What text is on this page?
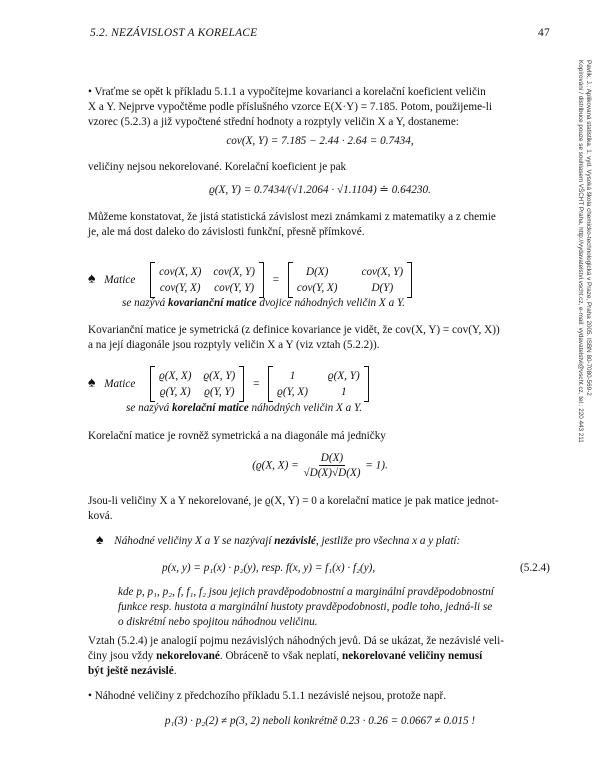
5.2. NEZÁVISLOST A KORELACE	47
Pavlík, J.: Aplikovaná statistika. 1. vyd. Vysoká škola chemicko-technologická v Praze, Praha 2005. ISBN 80-7080-569-2
Kopírování / distribuce pouze se souhlasem VŠCHT Praha, http://vydavatelstvi.vscht.cz, e-mail: vydavatelstvi@vscht.cz, tel.: 220 443 211
• Vraťme se opět k příkladu 5.1.1 a vypočítejme kovarianci a korelační koeficient veličin
X a Y. Nejprve vypočtěme podle příslušného vzorce E(X·Y) = 7.185. Potom, použijeme-li
vzorec (5.2.3) a již vypočtené střední hodnoty a rozptyly veličin X a Y, dostaneme:
cov(X, Y) = 7.185 − 2.44 · 2.64 = 0.7434,
veličiny nejsou nekorelované. Korelační koeficient je pak
ϱ(X, Y) = 0.7434/(√1.2064 · √1.1104) ≐ 0.64230.
Můžeme konstatovat, že jistá statistická závislost mezi známkami z matematiky a z chemie
je, ale má dost daleko do závislosti funkční, přesně přímkové.
♠ Matice
cov(X, X) cov(X, Y)
cov(Y, X) cov(Y, Y)
=
D(X)	cov(X, Y)
cov(Y, X)	D(Y)
se nazývá kovarianční matice dvojice náhodných veličin X a Y.
Kovarianční matice je symetrická (z definice kovariance je vidět, že cov(X, Y) = cov(Y, X))
a na její diagonále jsou rozptyly veličin X a Y (viz vztah (5.2.2)).
♠ Matice
ϱ(X, X) ϱ(X, Y)
ϱ(Y, X) ϱ(Y, Y)
=
1	ϱ(X, Y)
ϱ(Y, X)	1
se nazývá korelační matice náhodných veličin X a Y.
Korelační matice je rovněž symetrická a na diagonále má jedničky
(ϱ(X, $X) = \frac{D(X)}{√D(X)√D(X)} = 1$).
Jsou-li veličiny X a Y nekorelované, je ϱ(X, Y) = 0 a korelační matice je pak matice jednot-
ková.
♠ Náhodné veličiny X a Y se nazývají nezávislé, jestliže pro všechna x a y platí:
p(x, y) = p₁(x) · p₂(y), resp. f(x, y) = f₁(x) · f₂(y),	(5.2.4)
kde p, p₁, p₂, f, f₁, f₂ jsou jejich pravděpodobnostní a marginální pravděpodobnostní
funkce resp. hustota a marginální hustoty pravděpodobnosti, podle toho, jedná-li se
o diskrétní nebo spojitou náhodnou veličinu.
Vztah (5.2.4) je analogií pojmu nezávislých náhodných jevů. Dá se ukázat, že nezávislé veli-
činy jsou vždy nekorelované. Obráceně to však neplatí, nekorelované veličiny nemusí
být ještě nezávislé.
• Náhodné veličiny z předchozího příkladu 5.1.1 nezávislé nejsou, protože např.
p₁(3) · p₂(2) ≠ p(3, 2) neboli konkrétně 0.23 · 0.26 = 0.0667 ≠ 0.015 !
